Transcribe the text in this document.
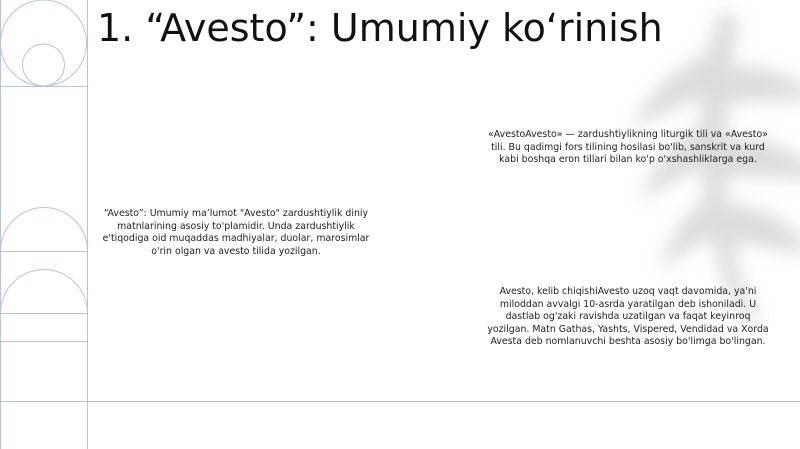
1. “Avesto”: Umumiy ko‘rinish
«AvestoAvesto» — zardushtiylikning liturgik tili va «Avesto» tili. Bu qadimgi fors tilining hosilasi bo'lib, sanskrit va kurd kabi boshqa eron tillari bilan ko'p o'xshashliklarga ega.
“Avesto”: Umumiy ma’lumot "Avesto" zardushtiylik diniy matnlarining asosiy to'plamidir. Unda zardushtiylik e'tiqodiga oid muqaddas madhiyalar, duolar, marosimlar o'rin olgan va avesto tilida yozilgan.
Avesto, kelib chiqishiAvesto uzoq vaqt davomida, ya'ni miloddan avvalgi 10-asrda yaratilgan deb ishoniladi. U dastlab og'zaki ravishda uzatilgan va faqat keyinroq yozilgan. Matn Gathas, Yashts, Vispered, Vendidad va Xorda Avesta deb nomlanuvchi beshta asosiy bo'limga bo'lingan.
